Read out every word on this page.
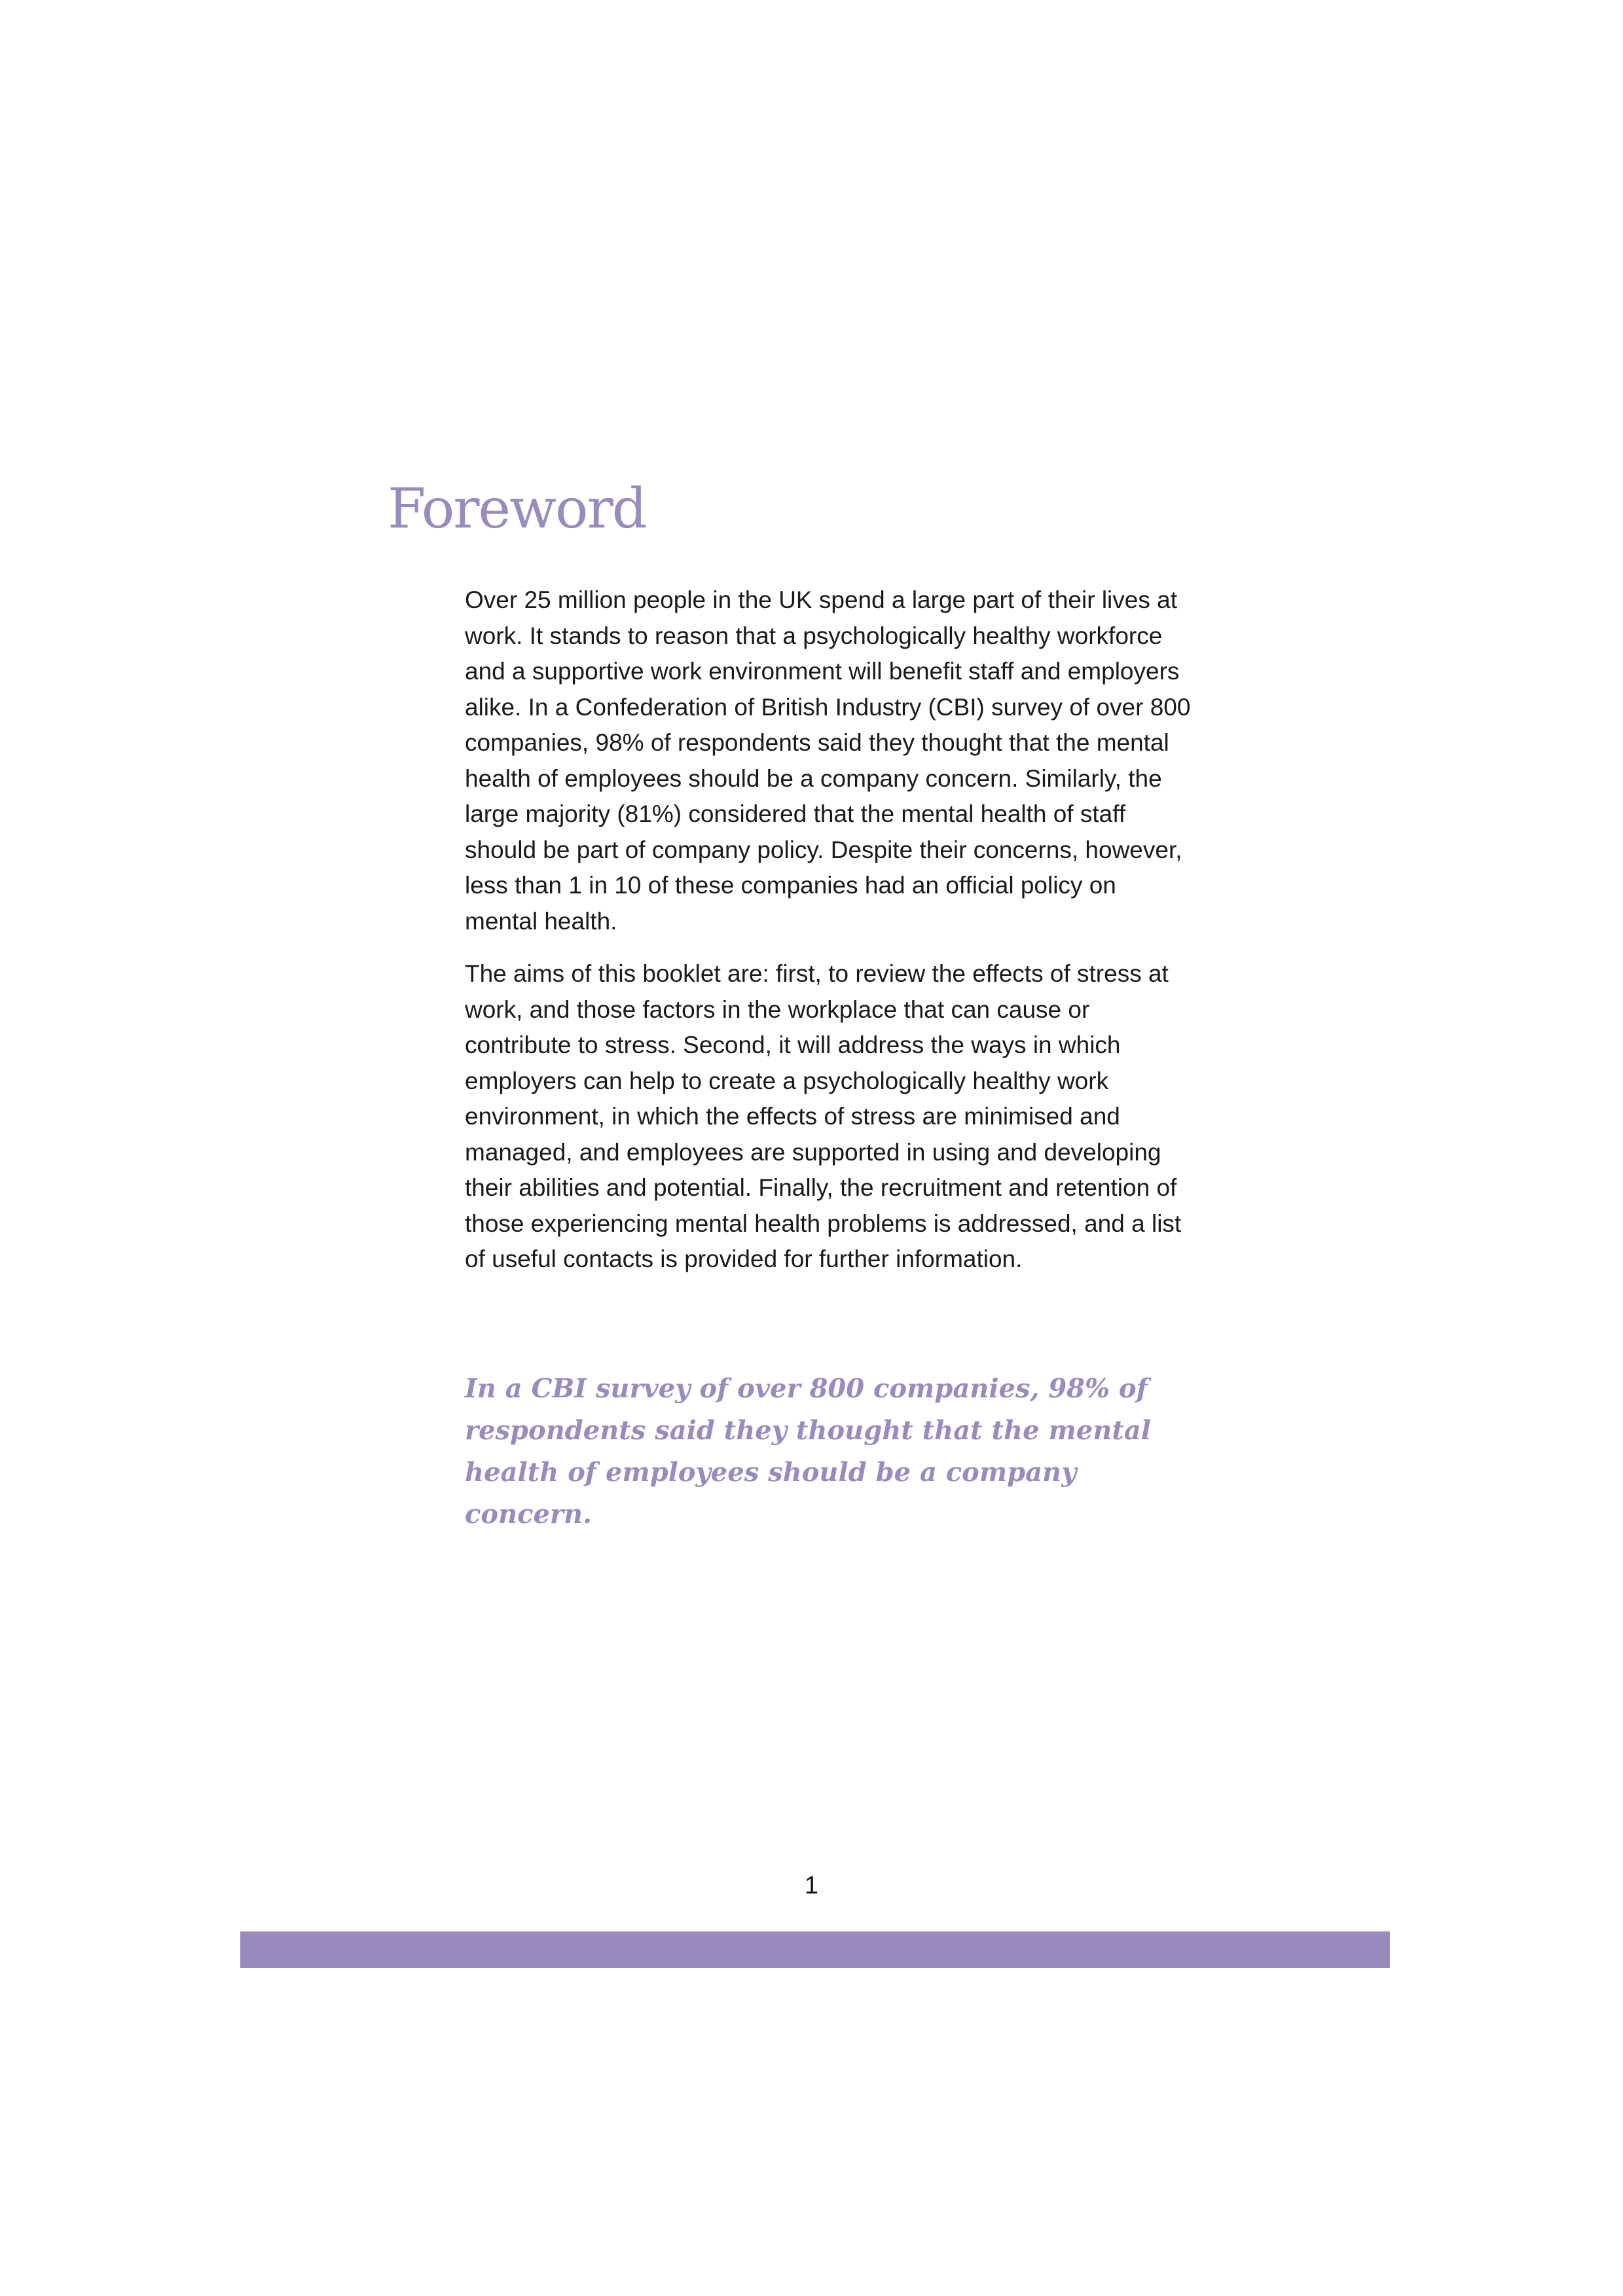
Foreword

Over 25 million people in the UK spend a large part of their lives at work. It stands to reason that a psychologically healthy workforce and a supportive work environment will benefit staff and employers alike. In a Confederation of British Industry (CBI) survey of over 800 companies, 98% of respondents said they thought that the mental health of employees should be a company concern. Similarly, the large majority (81%) considered that the mental health of staff should be part of company policy. Despite their concerns, however, less than 1 in 10 of these companies had an official policy on mental health.

The aims of this booklet are: first, to review the effects of stress at work, and those factors in the workplace that can cause or contribute to stress. Second, it will address the ways in which employers can help to create a psychologically healthy work environment, in which the effects of stress are minimised and managed, and employees are supported in using and developing their abilities and potential. Finally, the recruitment and retention of those experiencing mental health problems is addressed, and a list of useful contacts is provided for further information.

In a CBI survey of over 800 companies, 98% of respondents said they thought that the mental health of employees should be a company concern.

1
